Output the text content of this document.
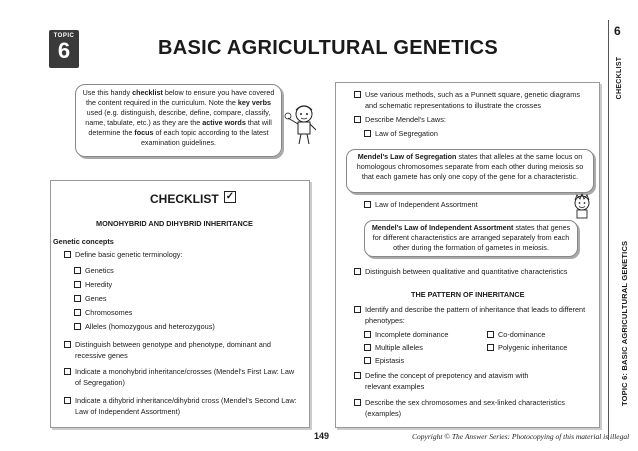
TOPIC
6	BASIC AGRICULTURAL GENETICS
6
CHECKLIST
TOPIC 6: BASIC AGRICULTURAL GENETICS
Use this handy checklist below to ensure you have covered the content required in the curriculum. Note the key verbs used (e.g. distinguish, describe, define, compare, classify, name, tabulate, etc.) as they are the active words that will determine the focus of each topic according to the latest examination guidelines.
CHECKLIST ✓
MONOHYBRID AND DIHYBRID INHERITANCE
Genetic concepts
Define basic genetic terminology:
Genetics
Heredity
Genes
Chromosomes
Alleles (homozygous and heterozygous)
Distinguish between genotype and phenotype, dominant and recessive genes
Indicate a monohybrid inheritance/crosses (Mendel's First Law: Law of Segregation)
Indicate a dihybrid inheritance/dihybrid cross (Mendel's Second Law: Law of Independent Assortment)
Use various methods, such as a Punnett square, genetic diagrams and schematic representations to illustrate the crosses
Describe Mendel's Laws:
Law of Segregation
Mendel's Law of Segregation states that alleles at the same locus on homologous chromosomes separate from each other during meiosis so that each gamete has only one copy of the gene for a characteristic.
Law of Independent Assortment
Mendel's Law of Independent Assortment states that genes for different characteristics are arranged separately from each other during the formation of gametes in meiosis.
Distinguish between qualitative and quantitative characteristics
THE PATTERN OF INHERITANCE
Identify and describe the pattern of inheritance that leads to different phenotypes:
Incomplete dominance	Co-dominance
Multiple alleles	Polygenic inheritance
Epistasis
Define the concept of prepotency and atavism with relevant examples
Describe the sex chromosomes and sex-linked characteristics (examples)
149	Copyright © The Answer Series: Photocopying of this material is illegal
